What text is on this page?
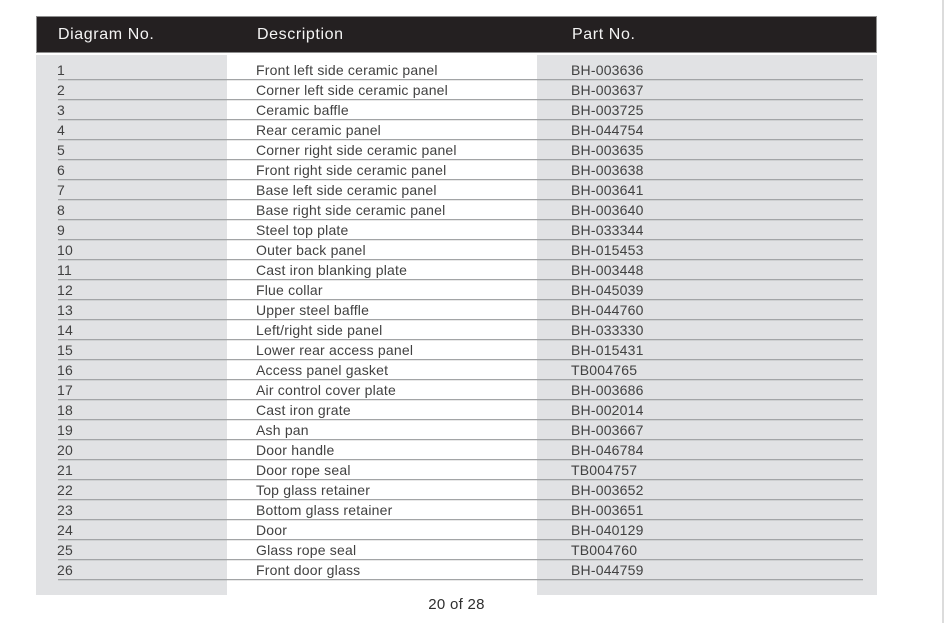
Diagram No.	Description	Part No.
1	Front left side ceramic panel	BH-003636
2	Corner left side ceramic panel	BH-003637
3	Ceramic baffle	BH-003725
4	Rear ceramic panel	BH-044754
5	Corner right side ceramic panel	BH-003635
6	Front right side ceramic panel	BH-003638
7	Base left side ceramic panel	BH-003641
8	Base right side ceramic panel	BH-003640
9	Steel top plate	BH-033344
10	Outer back panel	BH-015453
11	Cast iron blanking plate	BH-003448
12	Flue collar	BH-045039
13	Upper steel baffle	BH-044760
14	Left/right side panel	BH-033330
15	Lower rear access panel	BH-015431
16	Access panel gasket	TB004765
17	Air control cover plate	BH-003686
18	Cast iron grate	BH-002014
19	Ash pan	BH-003667
20	Door handle	BH-046784
21	Door rope seal	TB004757
22	Top glass retainer	BH-003652
23	Bottom glass retainer	BH-003651
24	Door	BH-040129
25	Glass rope seal	TB004760
26	Front door glass	BH-044759
20 of 28
